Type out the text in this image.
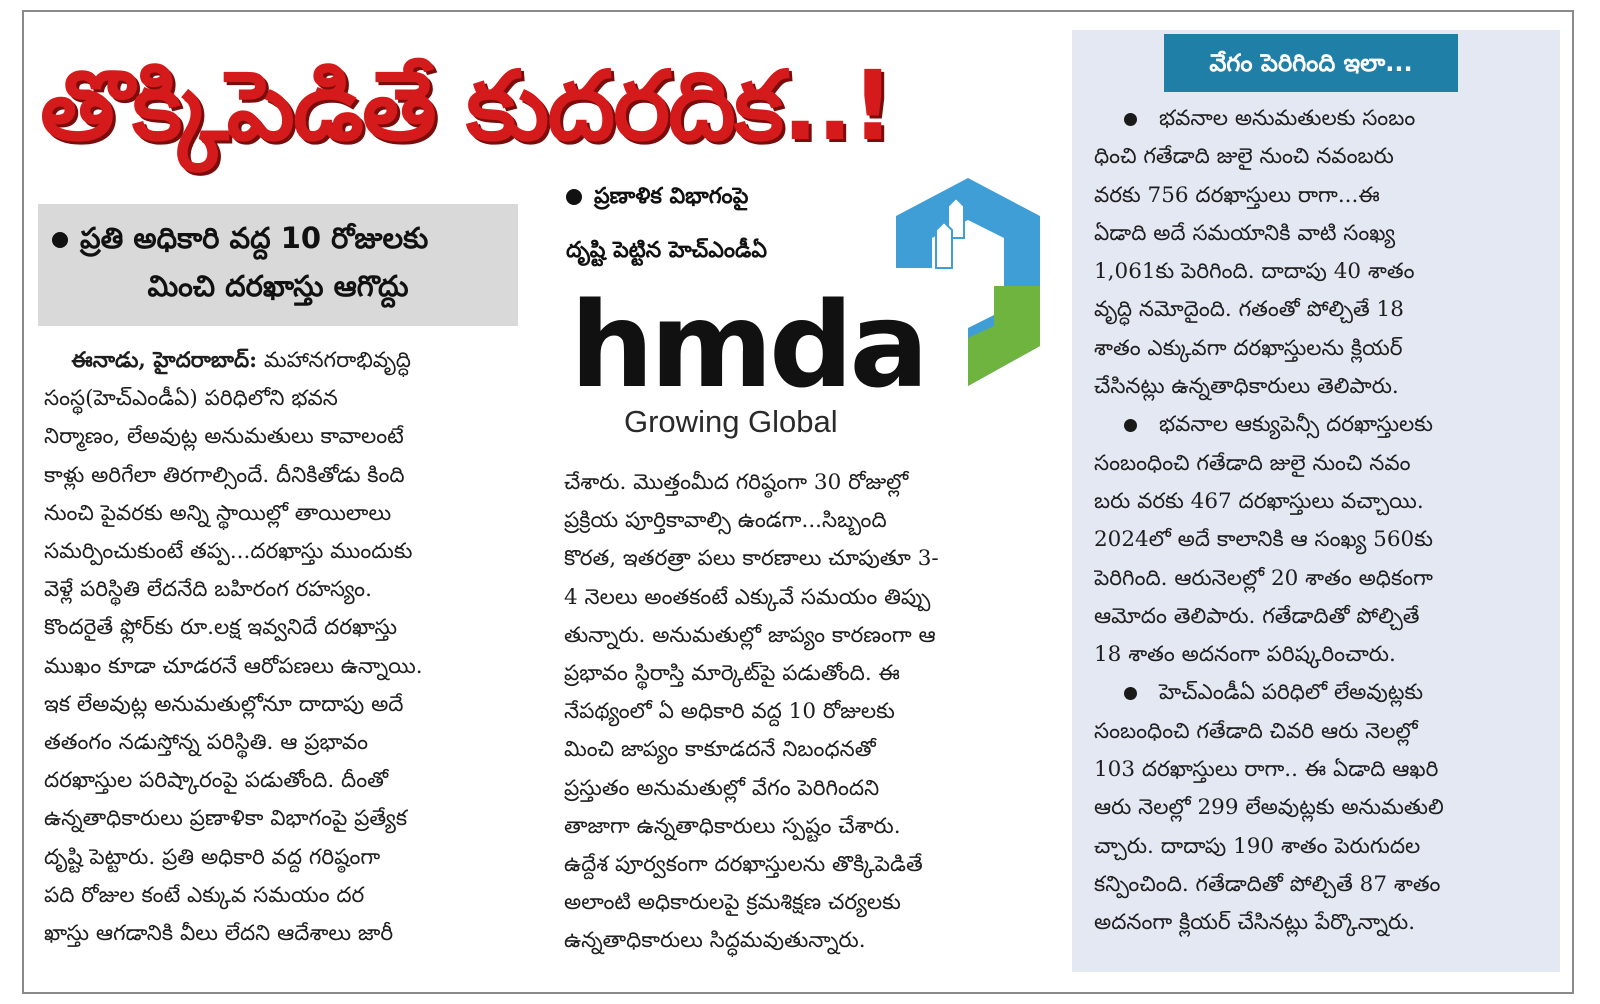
తొక్కిపెడితే కుదరదిక..!
ప్రతి అధికారి వద్ద 10 రోజులకు
మించి దరఖాస్తు ఆగొద్దు

ఈనాడు, హైదరాబాద్: మహానగరాభివృద్ధి

సంస్థ(హెచ్‌ఎండీఏ) పరిధిలోని భవన

నిర్మాణం, లేఅవుట్ల అనుమతులు కావాలంటే

కాళ్లు అరిగేలా తిరగాల్సిందే. దీనికితోడు కింది

నుంచి పైవరకు అన్ని స్థాయిల్లో తాయిలాలు

సమర్పించుకుంటే తప్ప...దరఖాస్తు ముందుకు

వెళ్లే పరిస్థితి లేదనేది బహిరంగ రహస్యం.

కొందరైతే ఫ్లోర్‌కు రూ.లక్ష ఇవ్వనిదే దరఖాస్తు

ముఖం కూడా చూడరనే ఆరోపణలు ఉన్నాయి.

ఇక లేఅవుట్ల అనుమతుల్లోనూ దాదాపు అదే

తతంగం నడుస్తోన్న పరిస్థితి. ఆ ప్రభావం

దరఖాస్తుల పరిష్కారంపై పడుతోంది. దీంతో

ఉన్నతాధికారులు ప్రణాళికా విభాగంపై ప్రత్యేక

దృష్టి పెట్టారు. ప్రతి అధికారి వద్ద గరిష్ఠంగా

పది రోజుల కంటే ఎక్కువ సమయం దర

ఖాస్తు ఆగడానికి వీలు లేదని ఆదేశాలు జారీ

hmda
Growing Global

ప్రణాళిక విభాగంపై

దృష్టి పెట్టిన హెచ్‌ఎండీఏ

చేశారు. మొత్తంమీద గరిష్ఠంగా 30 రోజుల్లో

ప్రక్రియ పూర్తికావాల్సి ఉండగా...సిబ్బంది

కొరత, ఇతరత్రా పలు కారణాలు చూపుతూ 3-

4 నెలలు అంతకంటే ఎక్కువే సమయం తిప్పు

తున్నారు. అనుమతుల్లో జాప్యం కారణంగా ఆ

ప్రభావం స్థిరాస్తి మార్కెట్‌పై పడుతోంది. ఈ

నేపథ్యంలో ఏ అధికారి వద్ద 10 రోజులకు

మించి జాప్యం కాకూడదనే నిబంధనతో

ప్రస్తుతం అనుమతుల్లో వేగం పెరిగిందని

తాజాగా ఉన్నతాధికారులు స్పష్టం చేశారు.

ఉద్దేశ పూర్వకంగా దరఖాస్తులను తొక్కిపెడితే

అలాంటి అధికారులపై క్రమశిక్షణ చర్యలకు

ఉన్నతాధికారులు సిద్ధమవుతున్నారు.

వేగం పెరిగింది ఇలా...

భవనాల అనుమతులకు సంబం

ధించి గతేడాది జులై నుంచి నవంబరు

వరకు 756 దరఖాస్తులు రాగా...ఈ

ఏడాది అదే సమయానికి వాటి సంఖ్య

1,061కు పెరిగింది. దాదాపు 40 శాతం

వృద్ధి నమోదైంది. గతంతో పోల్చితే 18

శాతం ఎక్కువగా దరఖాస్తులను క్లియర్

చేసినట్లు ఉన్నతాధికారులు తెలిపారు.

భవనాల ఆక్యుపెన్సీ దరఖాస్తులకు

సంబంధించి గతేడాది జులై నుంచి నవం

బరు వరకు 467 దరఖాస్తులు వచ్చాయి.

2024లో అదే కాలానికి ఆ సంఖ్య 560కు

పెరిగింది. ఆరునెలల్లో 20 శాతం అధికంగా

ఆమోదం తెలిపారు. గతేడాదితో పోల్చితే

18 శాతం అదనంగా పరిష్కరించారు.

హెచ్‌ఎండీఏ పరిధిలో లేఅవుట్లకు

సంబంధించి గతేడాది చివరి ఆరు నెలల్లో

103 దరఖాస్తులు రాగా.. ఈ ఏడాది ఆఖరి

ఆరు నెలల్లో 299 లేఅవుట్లకు అనుమతులి

చ్చారు. దాదాపు 190 శాతం పెరుగుదల

కన్పించింది. గతేడాదితో పోల్చితే 87 శాతం

అదనంగా క్లియర్ చేసినట్లు పేర్కొన్నారు.
